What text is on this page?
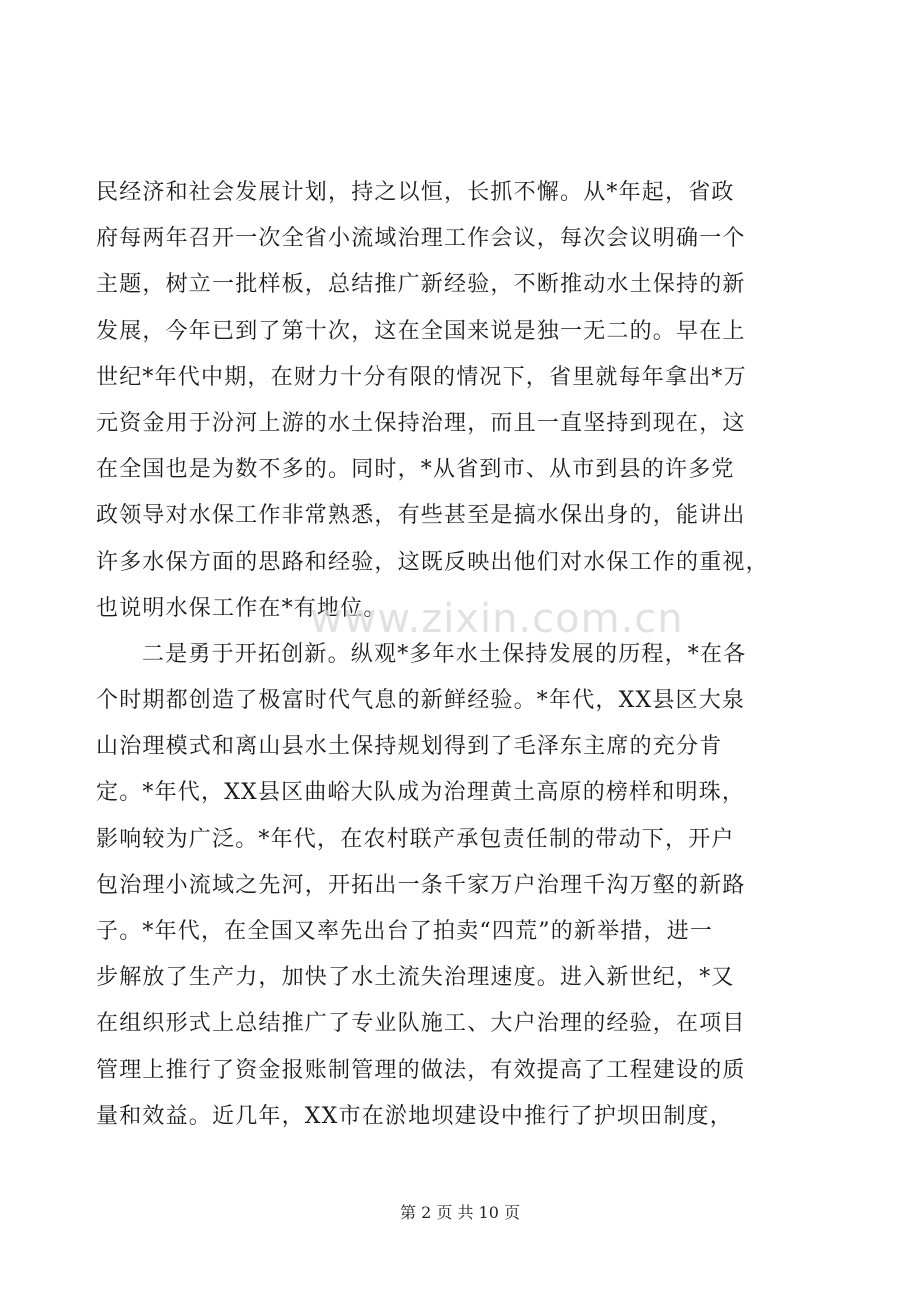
民经济和社会发展计划，持之以恒，长抓不懈。从*年起，省政
府每两年召开一次全省小流域治理工作会议，每次会议明确一个
主题，树立一批样板，总结推广新经验，不断推动水土保持的新
发展，今年已到了第十次，这在全国来说是独一无二的。早在上
世纪*年代中期，在财力十分有限的情况下，省里就每年拿出*万
元资金用于汾河上游的水土保持治理，而且一直坚持到现在，这
在全国也是为数不多的。同时，*从省到市、从市到县的许多党
政领导对水保工作非常熟悉，有些甚至是搞水保出身的，能讲出
许多水保方面的思路和经验，这既反映出他们对水保工作的重视，
也说明水保工作在*有地位。
二是勇于开拓创新。纵观*多年水土保持发展的历程，*在各
个时期都创造了极富时代气息的新鲜经验。*年代，XX县区大泉
山治理模式和离山县水土保持规划得到了毛泽东主席的充分肯
定。*年代，XX县区曲峪大队成为治理黄土高原的榜样和明珠，
影响较为广泛。*年代，在农村联产承包责任制的带动下，开户
包治理小流域之先河，开拓出一条千家万户治理千沟万壑的新路
子。*年代，在全国又率先出台了拍卖“四荒”的新举措，进一
步解放了生产力，加快了水土流失治理速度。进入新世纪，*又
在组织形式上总结推广了专业队施工、大户治理的经验，在项目
管理上推行了资金报账制管理的做法，有效提高了工程建设的质
量和效益。近几年，XX市在淤地坝建设中推行了护坝田制度，
www.zixin.com.cn
第 2 页 共 10 页
